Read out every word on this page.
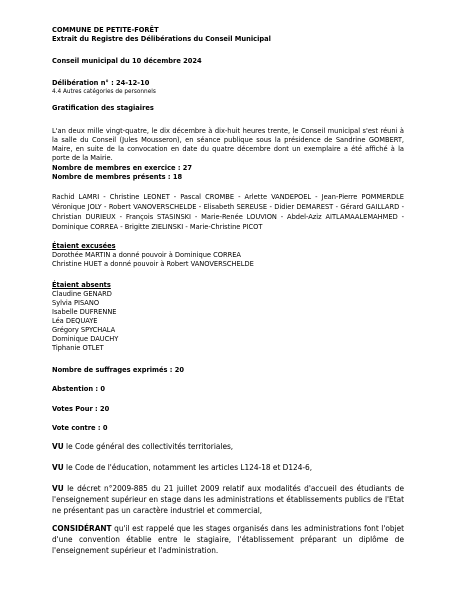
COMMUNE DE PETITE-FORÊT
Extrait du Registre des Délibérations du Conseil Municipal
Conseil municipal du 10 décembre 2024
Délibération n° : 24-12-10
4.4 Autres catégories de personnels
Gratification des stagiaires
L'an deux mille vingt-quatre, le dix décembre à dix-huit heures trente, le Conseil municipal s'est réuni à la salle du Conseil (Jules Mousseron), en séance publique sous la présidence de Sandrine GOMBERT, Maire, en suite de la convocation en date du quatre décembre dont un exemplaire a été affiché à la porte de la Mairie.
Nombre de membres en exercice : 27
Nombre de membres présents : 18
Rachid LAMRI - Christine LEONET - Pascal CROMBE - Arlette VANDEPOEL - Jean-Pierre POMMERDLE Véronique JOLY - Robert VANOVERSCHELDE - Elisabeth SEREUSE - Didier DEMAREST - Gérard GAILLARD - Christian DURIEUX - François STASINSKI - Marie-Renée LOUVION - Abdel-Aziz AITLAMAALEMAHMED - Dominique CORREA - Brigitte ZIELINSKI - Marie-Christine PICOT
Étaient excusées
Dorothée MARTIN a donné pouvoir à Dominique CORREA
Christine HUET a donné pouvoir à Robert VANOVERSCHELDE
Étaient absents
Claudine GENARD
Sylvia PISANO
Isabelle DUFRENNE
Léa DEQUAYE
Grégory SPYCHALA
Dominique DAUCHY
Tiphanie OTLET
Nombre de suffrages exprimés : 20
Abstention : 0
Votes Pour : 20
Vote contre : 0
VU le Code général des collectivités territoriales,
VU le Code de l'éducation, notamment les articles L124-18 et D124-6,
VU le décret n°2009-885 du 21 juillet 2009 relatif aux modalités d'accueil des étudiants de l'enseignement supérieur en stage dans les administrations et établissements publics de l'Etat ne présentant pas un caractère industriel et commercial,
CONSIDÉRANT qu'il est rappelé que les stages organisés dans les administrations font l'objet d'une convention établie entre le stagiaire, l'établissement préparant un diplôme de l'enseignement supérieur et l'administration.
